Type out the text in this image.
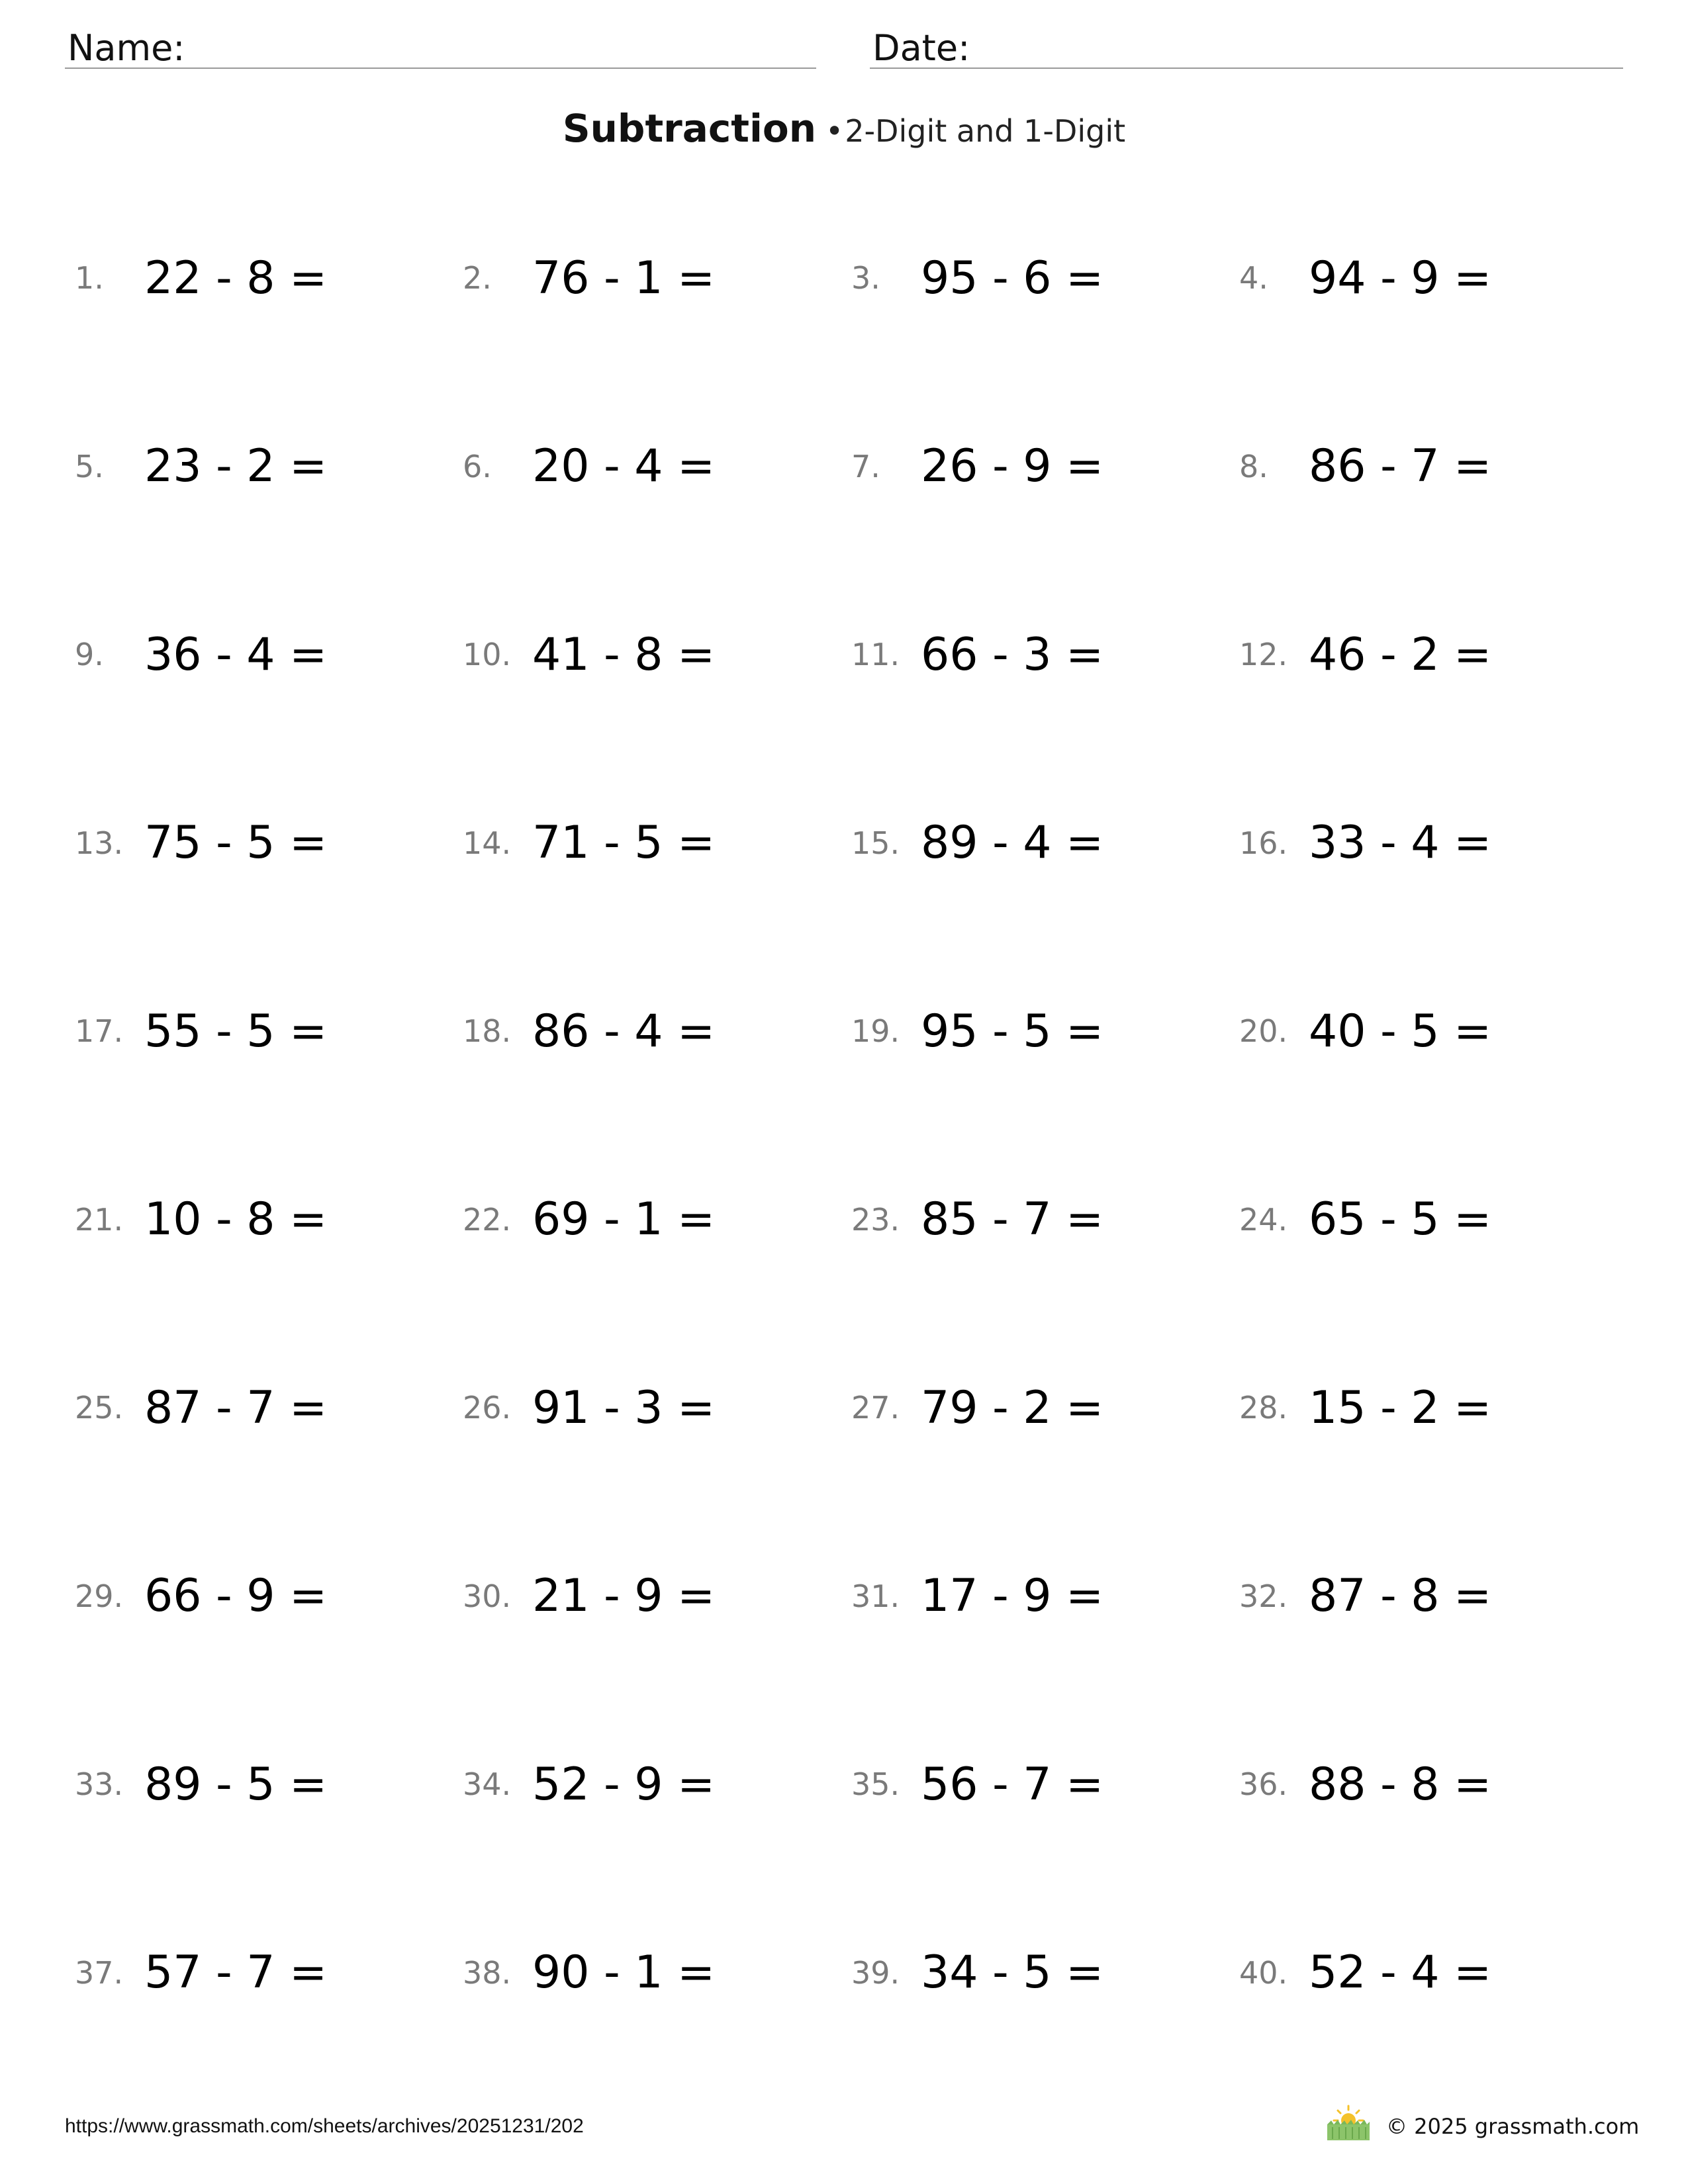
Name:	Date:
Subtraction •2-Digit and 1-Digit
1. 22 - 8 =	2. 76 - 1 =	3. 95 - 6 =	4. 94 - 9 =
5. 23 - 2 =	6. 20 - 4 =	7. 26 - 9 =	8. 86 - 7 =
9. 36 - 4 =	10. 41 - 8 =	11. 66 - 3 =	12. 46 - 2 =
13. 75 - 5 =	14. 71 - 5 =	15. 89 - 4 =	16. 33 - 4 =
17. 55 - 5 =	18. 86 - 4 =	19. 95 - 5 =	20. 40 - 5 =
21. 10 - 8 =	22. 69 - 1 =	23. 85 - 7 =	24. 65 - 5 =
25. 87 - 7 =	26. 91 - 3 =	27. 79 - 2 =	28. 15 - 2 =
29. 66 - 9 =	30. 21 - 9 =	31. 17 - 9 =	32. 87 - 8 =
33. 89 - 5 =	34. 52 - 9 =	35. 56 - 7 =	36. 88 - 8 =
37. 57 - 7 =	38. 90 - 1 =	39. 34 - 5 =	40. 52 - 4 =
https://www.grassmath.com/sheets/archives/20251231/202	© 2025 grassmath.com
